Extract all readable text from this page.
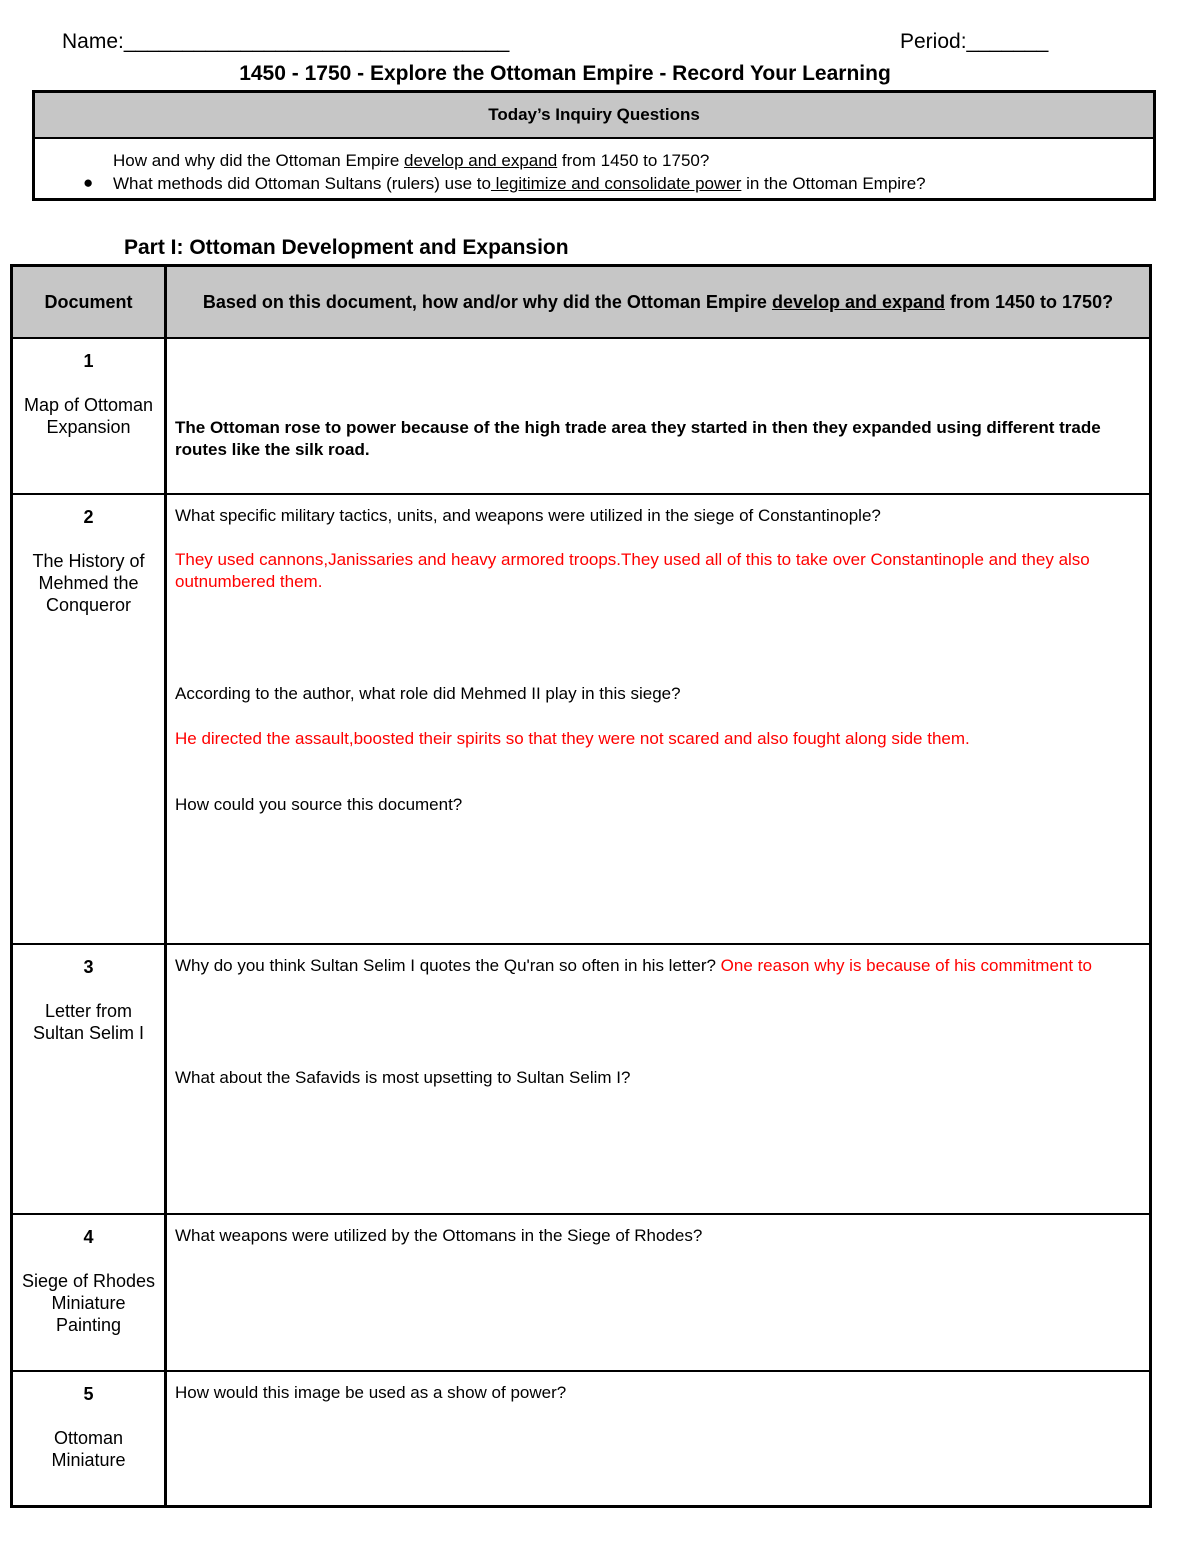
Name:_________________________________	Period:_______
1450 - 1750 - Explore the Ottoman Empire - Record Your Learning
Today’s Inquiry Questions
How and why did the Ottoman Empire develop and expand from 1450 to 1750?
● What methods did Ottoman Sultans (rulers) use to legitimize and consolidate power in the Ottoman Empire?
Part I: Ottoman Development and Expansion
Document	Based on this document, how and/or why did the Ottoman Empire develop and expand from 1450 to 1750?

1
Map of Ottoman Expansion	The Ottoman rose to power because of the high trade area they started in then they expanded using different trade routes like the silk road.

2
The History of Mehmed the Conqueror	What specific military tactics, units, and weapons were utilized in the siege of Constantinople?
They used cannons,Janissaries and heavy armored troops.They used all of this to take over Constantinople and they also outnumbered them.
According to the author, what role did Mehmed II play in this siege?
He directed the assault,boosted their spirits so that they were not scared and also fought along side them.
How could you source this document?

3
Letter from Sultan Selim I	Why do you think Sultan Selim I quotes the Qu'ran so often in his letter? One reason why is because of his commitment to
What about the Safavids is most upsetting to Sultan Selim I?

4
Siege of Rhodes Miniature Painting	What weapons were utilized by the Ottomans in the Siege of Rhodes?

5
Ottoman Miniature	How would this image be used as a show of power?
